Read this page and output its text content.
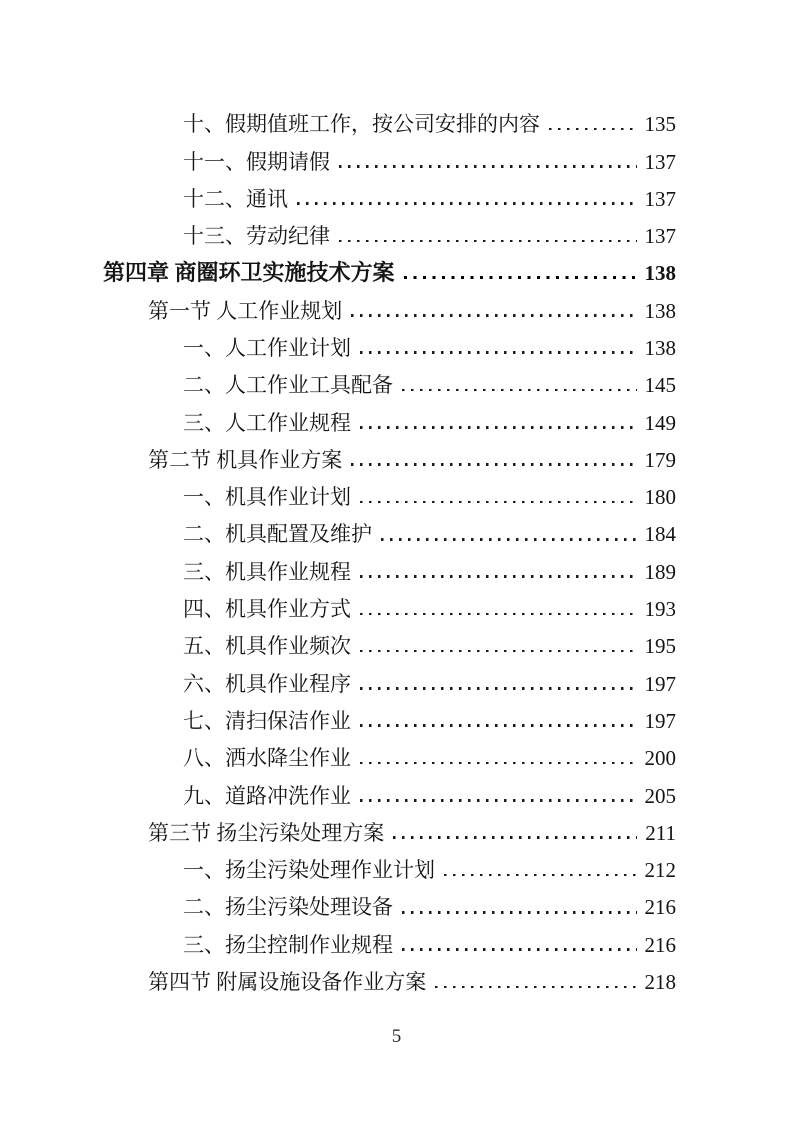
十、假期值班工作，按公司安排的内容	135
十一、假期请假	137
十二、通讯	137
十三、劳动纪律	137
第四章 商圈环卫实施技术方案	138
第一节 人工作业规划	138
一、人工作业计划	138
二、人工作业工具配备	145
三、人工作业规程	149
第二节 机具作业方案	179
一、机具作业计划	180
二、机具配置及维护	184
三、机具作业规程	189
四、机具作业方式	193
五、机具作业频次	195
六、机具作业程序	197
七、清扫保洁作业	197
八、洒水降尘作业	200
九、道路冲洗作业	205
第三节 扬尘污染处理方案	211
一、扬尘污染处理作业计划	212
二、扬尘污染处理设备	216
三、扬尘控制作业规程	216
第四节 附属设施设备作业方案	218
5
